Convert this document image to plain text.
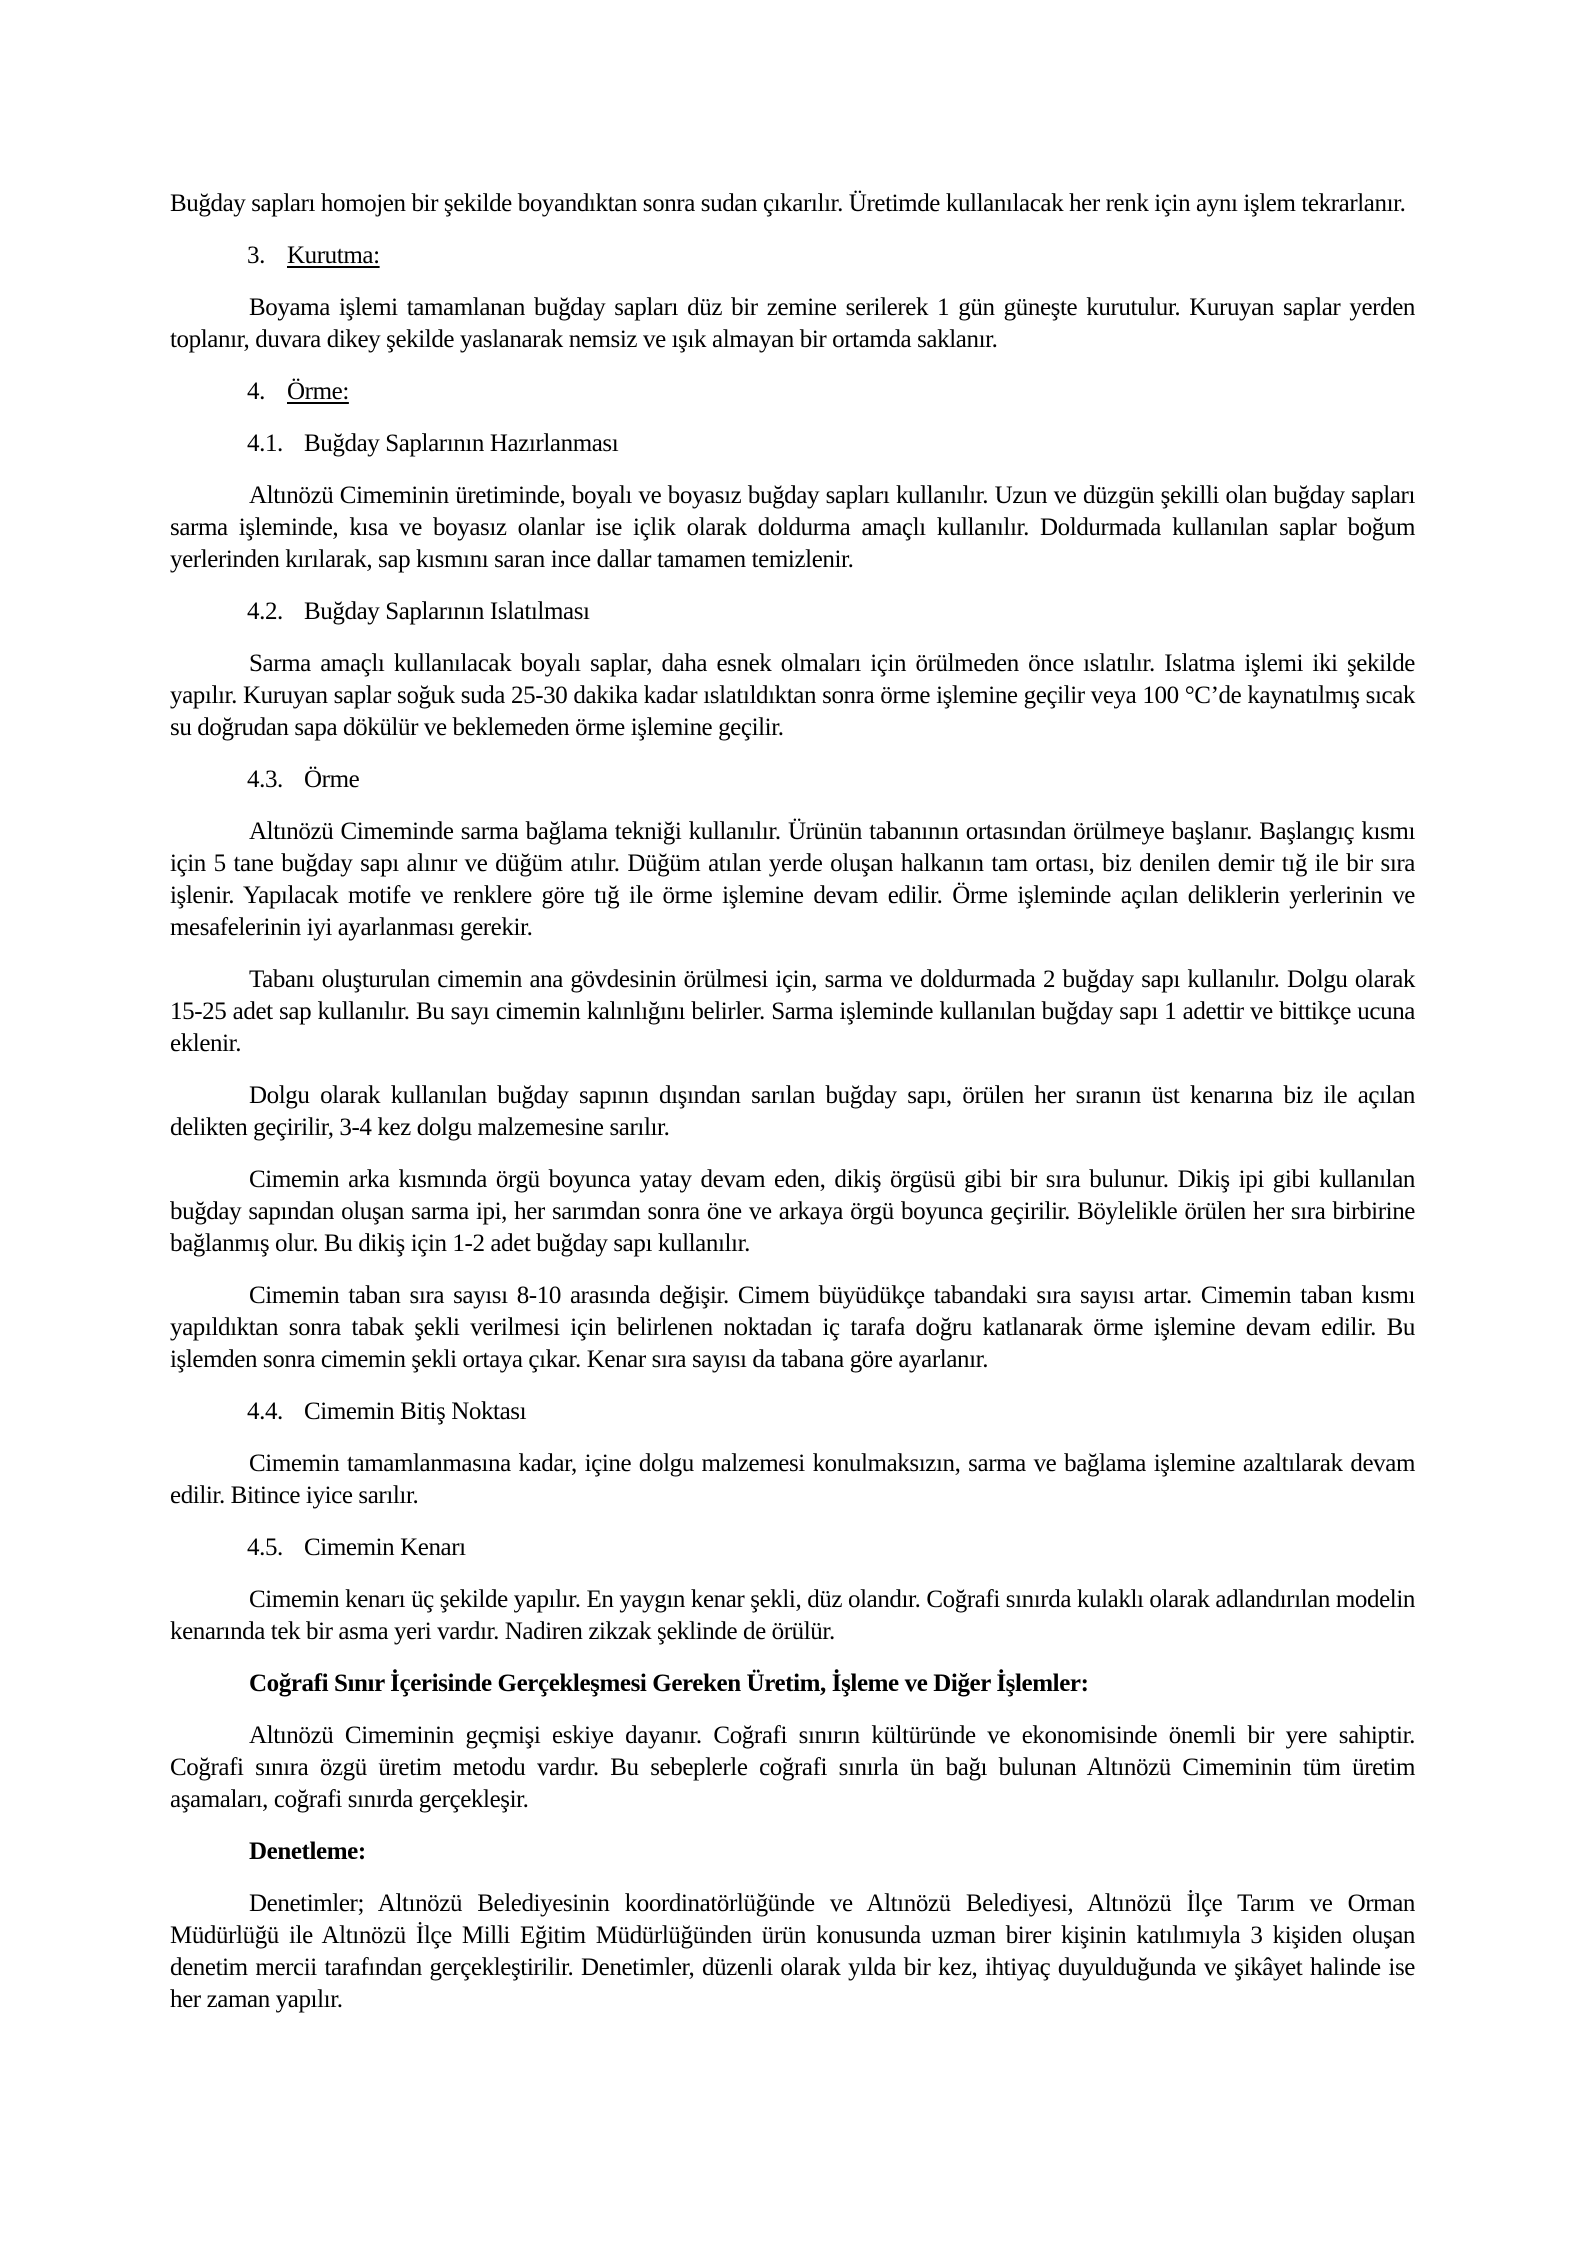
Buğday sapları homojen bir şekilde boyandıktan sonra sudan çıkarılır. Üretimde kullanılacak her renk için aynı işlem tekrarlanır.

3. Kurutma:

Boyama işlemi tamamlanan buğday sapları düz bir zemine serilerek 1 gün güneşte kurutulur. Kuruyan saplar yerden toplanır, duvara dikey şekilde yaslanarak nemsiz ve ışık almayan bir ortamda saklanır.

4. Örme:

4.1. Buğday Saplarının Hazırlanması

Altınözü Cimeminin üretiminde, boyalı ve boyasız buğday sapları kullanılır. Uzun ve düzgün şekilli olan buğday sapları sarma işleminde, kısa ve boyasız olanlar ise içlik olarak doldurma amaçlı kullanılır. Doldurmada kullanılan saplar boğum yerlerinden kırılarak, sap kısmını saran ince dallar tamamen temizlenir.

4.2. Buğday Saplarının Islatılması

Sarma amaçlı kullanılacak boyalı saplar, daha esnek olmaları için örülmeden önce ıslatılır. Islatma işlemi iki şekilde yapılır. Kuruyan saplar soğuk suda 25-30 dakika kadar ıslatıldıktan sonra örme işlemine geçilir veya 100 °C’de kaynatılmış sıcak su doğrudan sapa dökülür ve beklemeden örme işlemine geçilir.

4.3. Örme

Altınözü Cimeminde sarma bağlama tekniği kullanılır. Ürünün tabanının ortasından örülmeye başlanır. Başlangıç kısmı için 5 tane buğday sapı alınır ve düğüm atılır. Düğüm atılan yerde oluşan halkanın tam ortası, biz denilen demir tığ ile bir sıra işlenir. Yapılacak motife ve renklere göre tığ ile örme işlemine devam edilir. Örme işleminde açılan deliklerin yerlerinin ve mesafelerinin iyi ayarlanması gerekir.

Tabanı oluşturulan cimemin ana gövdesinin örülmesi için, sarma ve doldurmada 2 buğday sapı kullanılır. Dolgu olarak 15-25 adet sap kullanılır. Bu sayı cimemin kalınlığını belirler. Sarma işleminde kullanılan buğday sapı 1 adettir ve bittikçe ucuna eklenir.

Dolgu olarak kullanılan buğday sapının dışından sarılan buğday sapı, örülen her sıranın üst kenarına biz ile açılan delikten geçirilir, 3-4 kez dolgu malzemesine sarılır.

Cimemin arka kısmında örgü boyunca yatay devam eden, dikiş örgüsü gibi bir sıra bulunur. Dikiş ipi gibi kullanılan buğday sapından oluşan sarma ipi, her sarımdan sonra öne ve arkaya örgü boyunca geçirilir. Böylelikle örülen her sıra birbirine bağlanmış olur. Bu dikiş için 1-2 adet buğday sapı kullanılır.

Cimemin taban sıra sayısı 8-10 arasında değişir. Cimem büyüdükçe tabandaki sıra sayısı artar. Cimemin taban kısmı yapıldıktan sonra tabak şekli verilmesi için belirlenen noktadan iç tarafa doğru katlanarak örme işlemine devam edilir. Bu işlemden sonra cimemin şekli ortaya çıkar. Kenar sıra sayısı da tabana göre ayarlanır.

4.4. Cimemin Bitiş Noktası

Cimemin tamamlanmasına kadar, içine dolgu malzemesi konulmaksızın, sarma ve bağlama işlemine azaltılarak devam edilir. Bitince iyice sarılır.

4.5. Cimemin Kenarı

Cimemin kenarı üç şekilde yapılır. En yaygın kenar şekli, düz olandır. Coğrafi sınırda kulaklı olarak adlandırılan modelin kenarında tek bir asma yeri vardır. Nadiren zikzak şeklinde de örülür.

Coğrafi Sınır İçerisinde Gerçekleşmesi Gereken Üretim, İşleme ve Diğer İşlemler:

Altınözü Cimeminin geçmişi eskiye dayanır. Coğrafi sınırın kültüründe ve ekonomisinde önemli bir yere sahiptir. Coğrafi sınıra özgü üretim metodu vardır. Bu sebeplerle coğrafi sınırla ün bağı bulunan Altınözü Cimeminin tüm üretim aşamaları, coğrafi sınırda gerçekleşir.

Denetleme:

Denetimler; Altınözü Belediyesinin koordinatörlüğünde ve Altınözü Belediyesi, Altınözü İlçe Tarım ve Orman Müdürlüğü ile Altınözü İlçe Milli Eğitim Müdürlüğünden ürün konusunda uzman birer kişinin katılımıyla 3 kişiden oluşan denetim mercii tarafından gerçekleştirilir. Denetimler, düzenli olarak yılda bir kez, ihtiyaç duyulduğunda ve şikâyet halinde ise her zaman yapılır.
